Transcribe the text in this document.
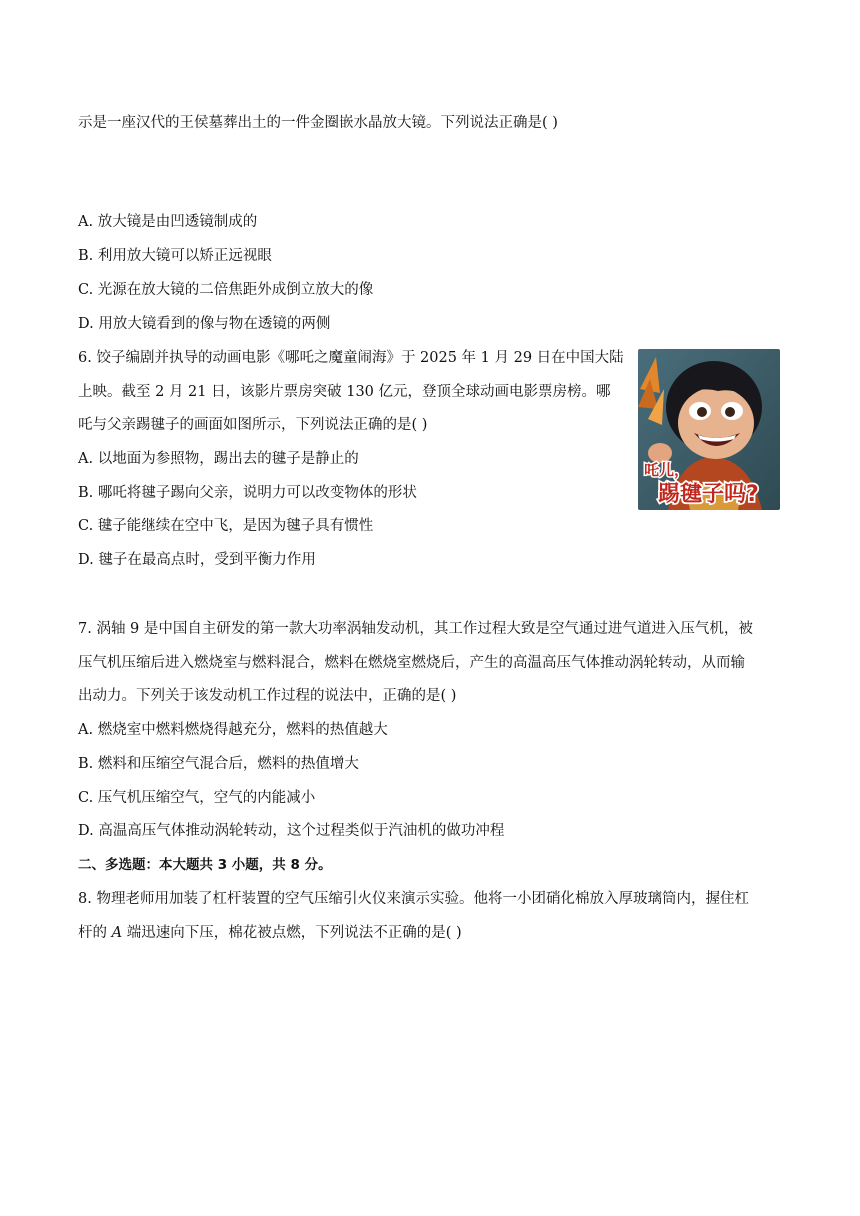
示是一座汉代的王侯墓葬出土的一件金圈嵌水晶放大镜。下列说法正确是( )
A. 放大镜是由凹透镜制成的
B. 利用放大镜可以矫正远视眼
C. 光源在放大镜的二倍焦距外成倒立放大的像
D. 用放大镜看到的像与物在透镜的两侧
6. 饺子编剧并执导的动画电影《哪吒之魔童闹海》于 2025 年 1 月 29 日在中国大陆
上映。截至 2 月 21 日，该影片票房突破 130 亿元，登顶全球动画电影票房榜。哪
吒与父亲踢毽子的画面如图所示，下列说法正确的是( )
A. 以地面为参照物，踢出去的毽子是静止的
B. 哪吒将毽子踢向父亲，说明力可以改变物体的形状
C. 毽子能继续在空中飞，是因为毽子具有惯性
D. 毽子在最高点时，受到平衡力作用
吒儿，
踢毽子吗?
7. 涡轴 9 是中国自主研发的第一款大功率涡轴发动机，其工作过程大致是空气通过进气道进入压气机，被
压气机压缩后进入燃烧室与燃料混合，燃料在燃烧室燃烧后，产生的高温高压气体推动涡轮转动，从而输
出动力。下列关于该发动机工作过程的说法中，正确的是( )
A. 燃烧室中燃料燃烧得越充分，燃料的热值越大
B. 燃料和压缩空气混合后，燃料的热值增大
C. 压气机压缩空气，空气的内能减小
D. 高温高压气体推动涡轮转动，这个过程类似于汽油机的做功冲程
二、多选题：本大题共 3 小题，共 8 分。
8. 物理老师用加装了杠杆装置的空气压缩引火仪来演示实验。他将一小团硝化棉放入厚玻璃筒内，握住杠
杆的 A 端迅速向下压，棉花被点燃，下列说法不正确的是( )
